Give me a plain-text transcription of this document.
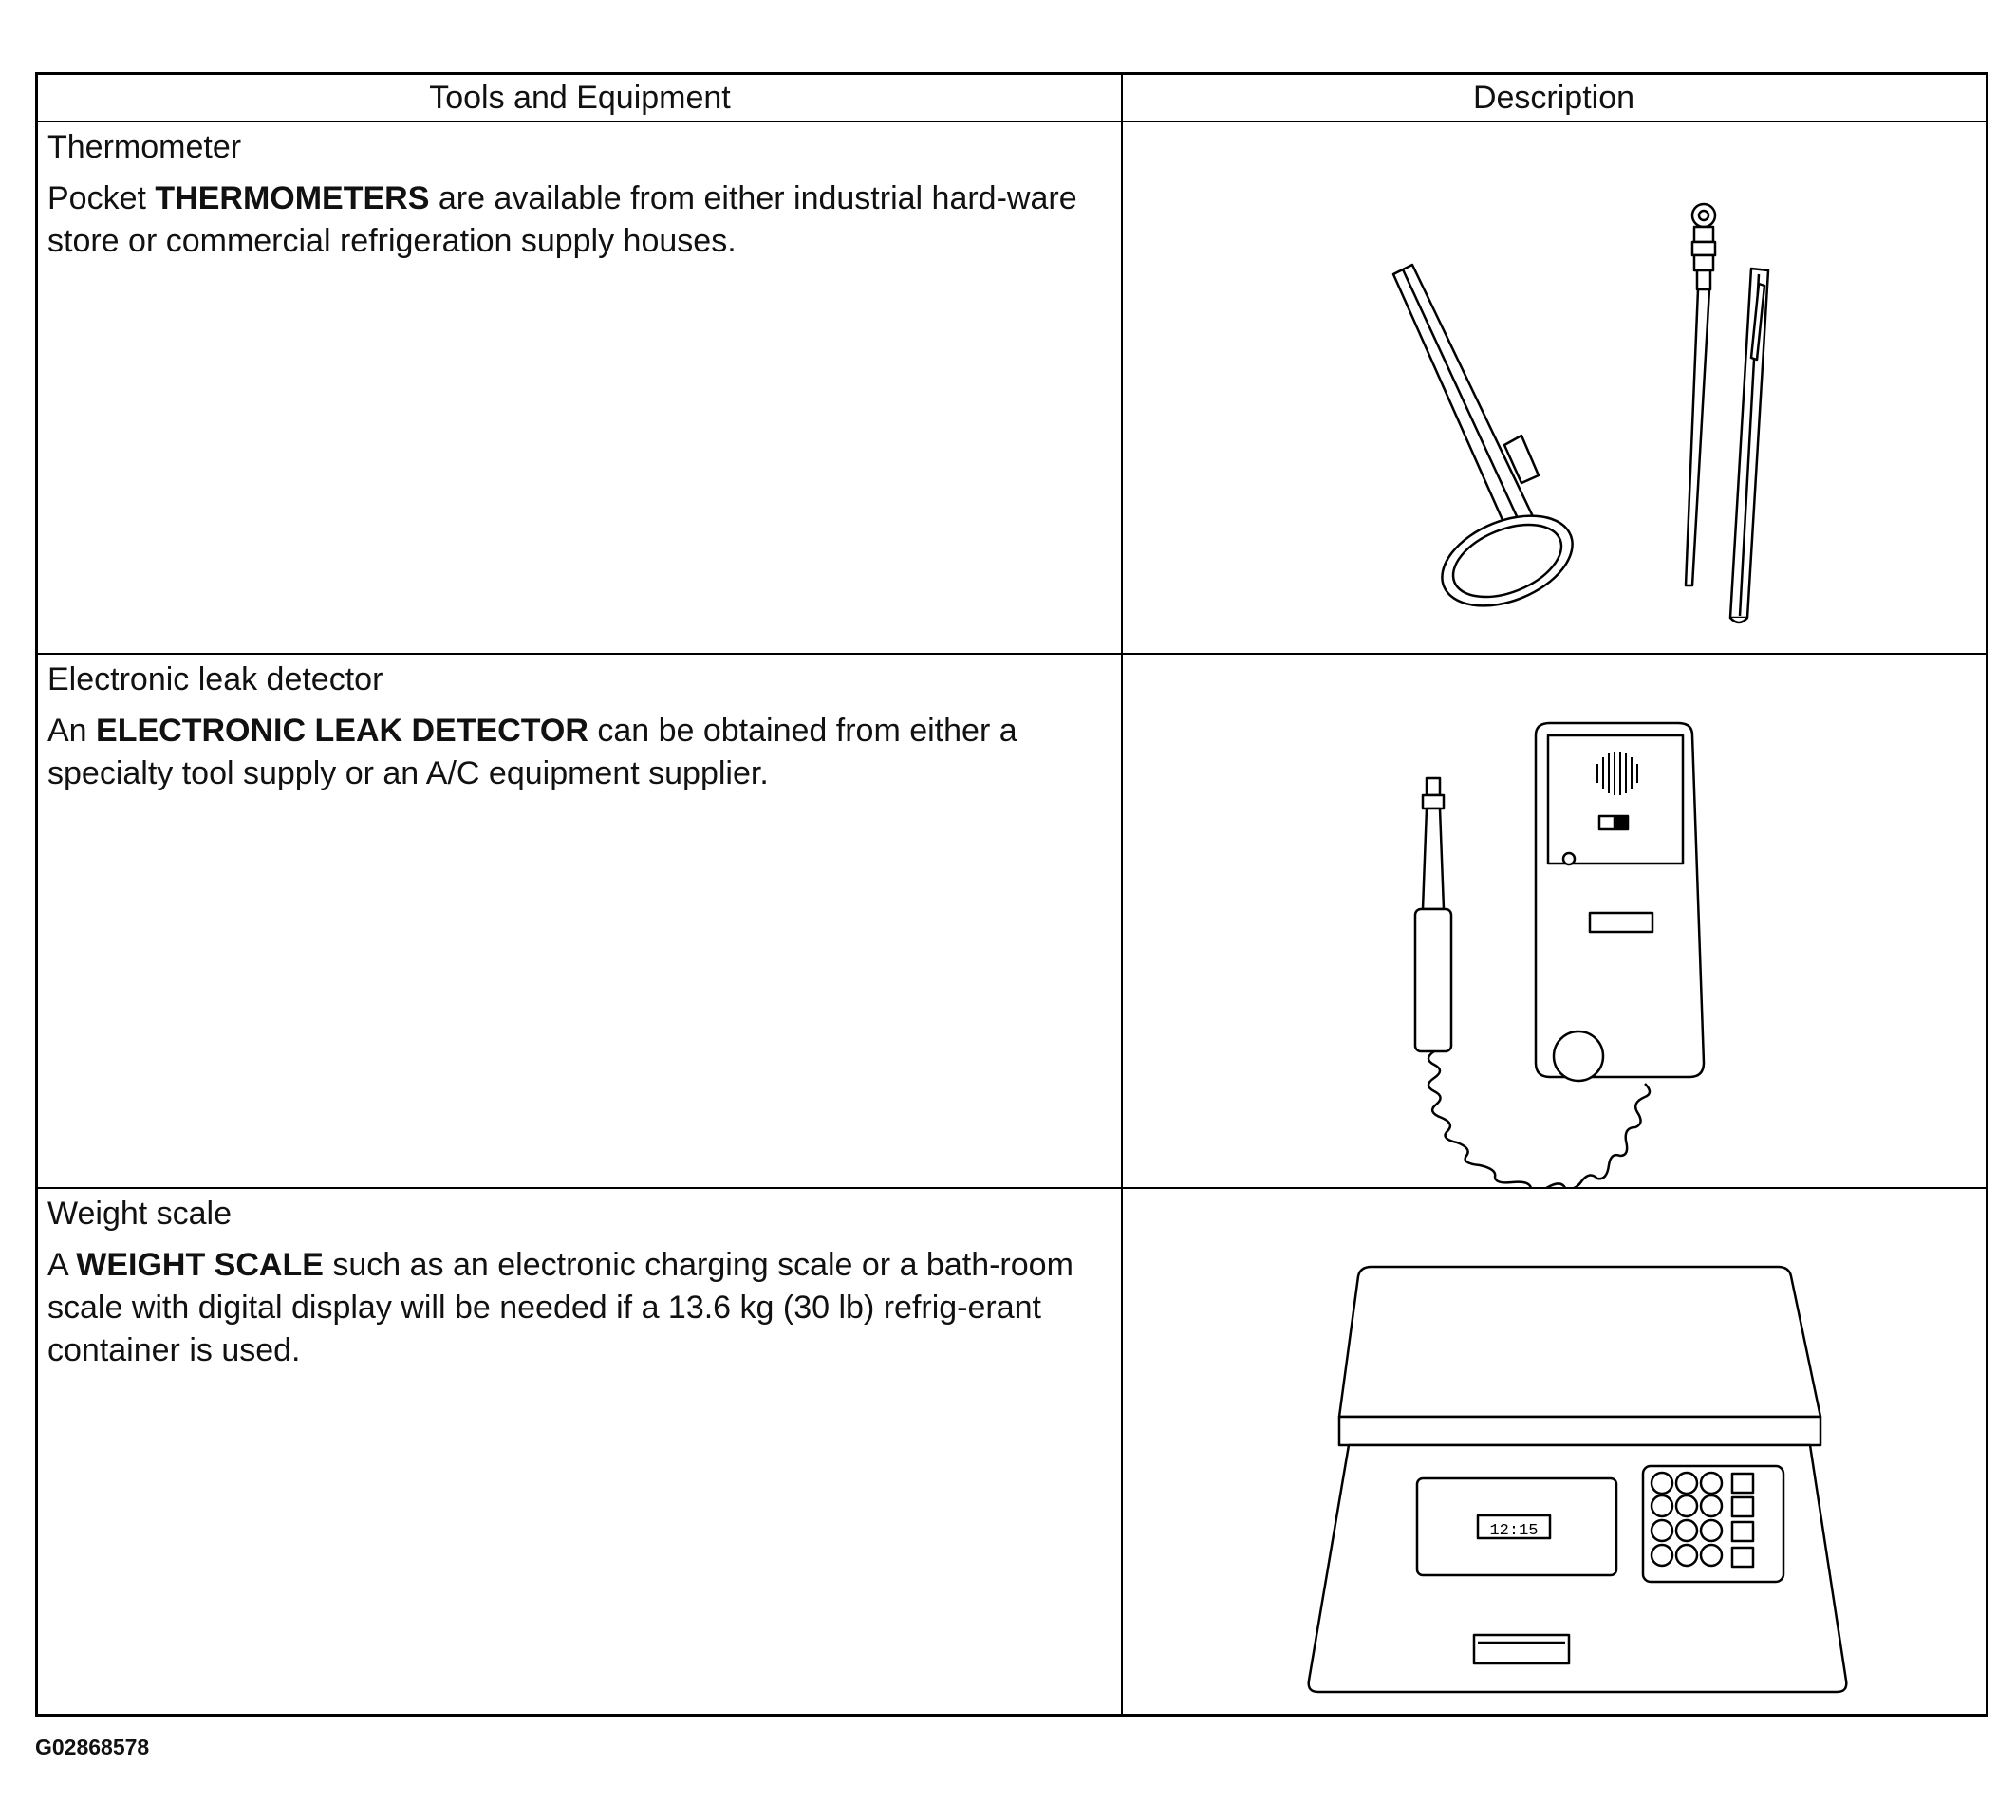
Tools and Equipment	Description

Thermometer

Pocket THERMOMETERS are available from either industrial hard-ware store or commercial refrigeration supply houses.

Electronic leak detector

An ELECTRONIC LEAK DETECTOR can be obtained from either a specialty tool supply or an A/C equipment supplier.

Weight scale

A WEIGHT SCALE such as an electronic charging scale or a bath-room scale with digital display will be needed if a 13.6 kg (30 lb) refrig-erant container is used.

12:15
G02868578
